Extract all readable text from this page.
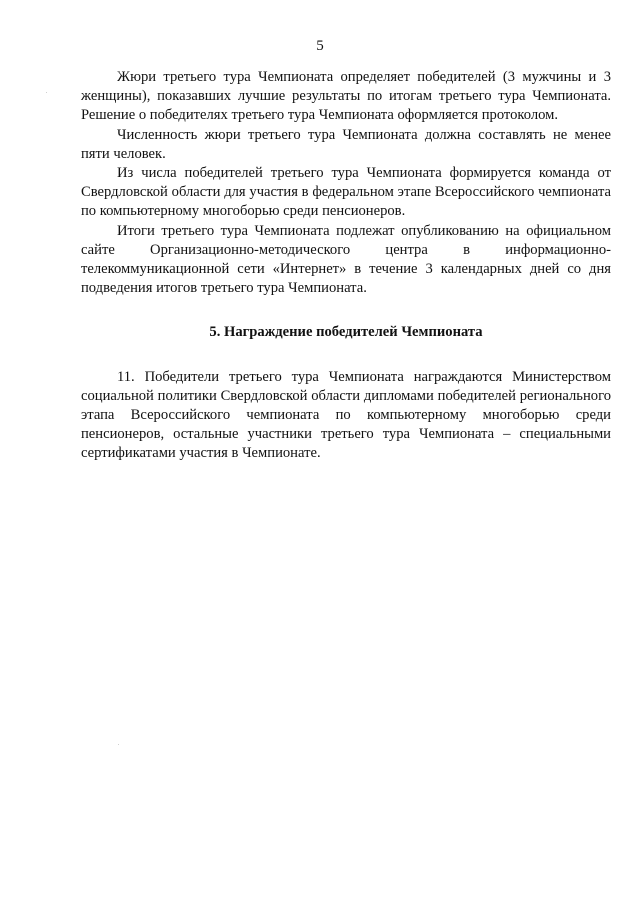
5

Жюри третьего тура Чемпионата определяет победителей (3 мужчины и 3 женщины), показавших лучшие результаты по итогам третьего тура Чемпионата. Решение о победителях третьего тура Чемпионата оформляется протоколом.

Численность жюри третьего тура Чемпионата должна составлять не менее пяти человек.

Из числа победителей третьего тура Чемпионата формируется команда от Свердловской области для участия в федеральном этапе Всероссийского чемпионата по компьютерному многоборью среди пенсионеров.

Итоги третьего тура Чемпионата подлежат опубликованию на официальном сайте Организационно-методического центра в информационно-телекоммуникационной сети «Интернет» в течение 3 календарных дней со дня подведения итогов третьего тура Чемпионата.

5. Награждение победителей Чемпионата

11. Победители третьего тура Чемпионата награждаются Министерством социальной политики Свердловской области дипломами победителей регионального этапа Всероссийского чемпионата по компьютерному многоборью среди пенсионеров, остальные участники третьего тура Чемпионата – специальными сертификатами участия в Чемпионате.
